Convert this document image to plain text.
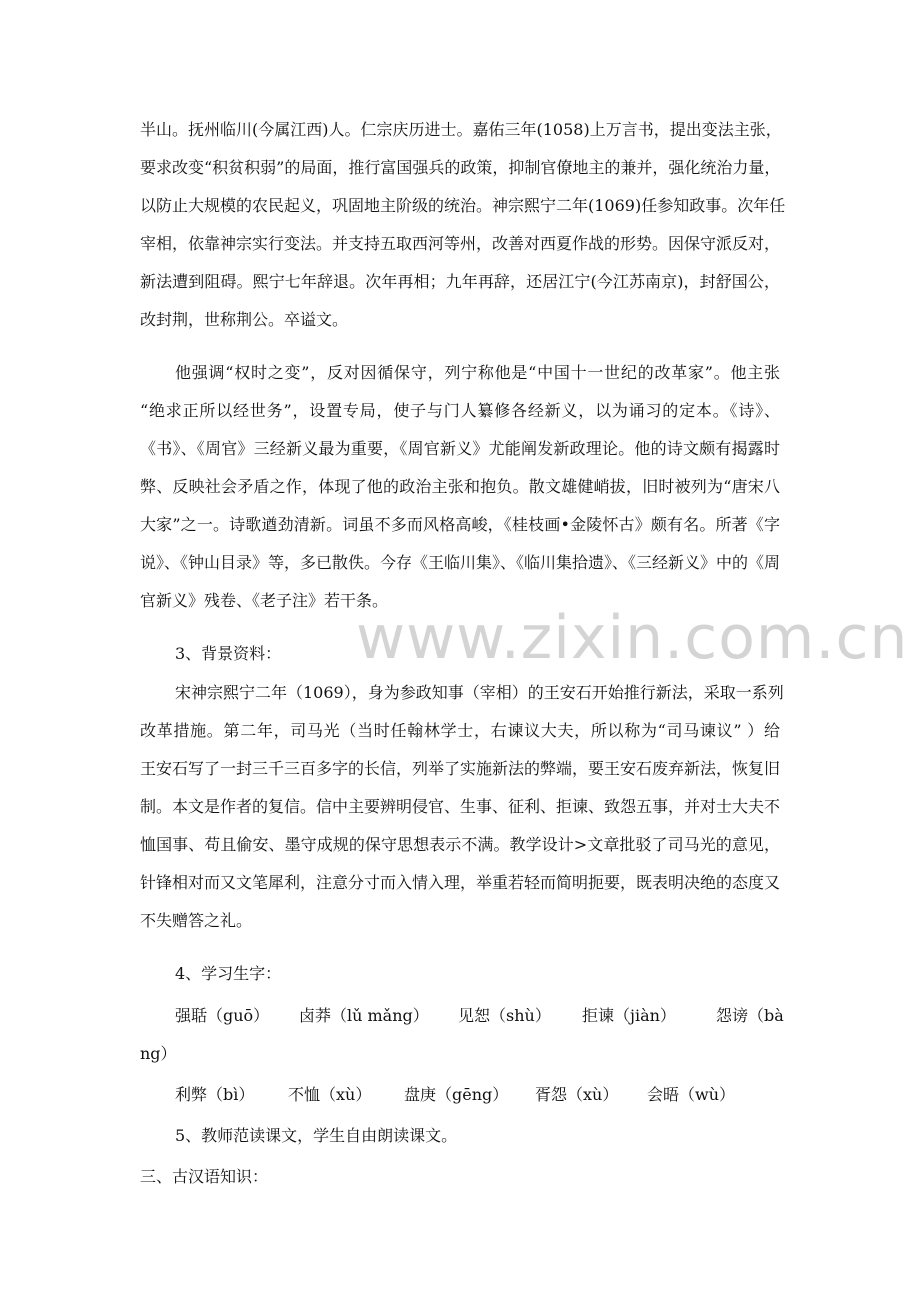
www.zixin.com.cn
半山。抚州临川(今属江西)人。仁宗庆历进士。嘉佑三年(1058)上万言书，提出变法主张，
要求改变“积贫积弱”的局面，推行富国强兵的政策，抑制官僚地主的兼并，强化统治力量，
以防止大规模的农民起义，巩固地主阶级的统治。神宗熙宁二年(1069)任参知政事。次年任
宰相，依靠神宗实行变法。并支持五取西河等州，改善对西夏作战的形势。因保守派反对，
新法遭到阻碍。熙宁七年辞退。次年再相；九年再辞，还居江宁(今江苏南京)，封舒国公，
改封荆，世称荆公。卒谥文。
他强调“权时之变”，反对因循保守，列宁称他是“中国十一世纪的改革家”。他主张
“绝求正所以经世务”，设置专局，使子与门人纂修各经新义，以为诵习的定本。《诗》、
《书》、《周官》三经新义最为重要，《周官新义》尤能阐发新政理论。他的诗文颇有揭露时
弊、反映社会矛盾之作，体现了他的政治主张和抱负。散文雄健峭拔，旧时被列为“唐宋八
大家”之一。诗歌遒劲清新。词虽不多而风格高峻，《桂枝画•金陵怀古》颇有名。所著《字
说》、《钟山目录》等，多已散佚。今存《王临川集》、《临川集拾遗》、《三经新义》中的《周
官新义》残卷、《老子注》若干条。
3、背景资料：
宋神宗熙宁二年（1069），身为参政知事（宰相）的王安石开始推行新法，采取一系列
改革措施。第二年，司马光（当时任翰林学士，右谏议大夫，所以称为“司马谏议” ）给
王安石写了一封三千三百多字的长信，列举了实施新法的弊端，要王安石废弃新法，恢复旧
制。本文是作者的复信。信中主要辨明侵官、生事、征利、拒谏、致怨五事，并对士大夫不
恤国事、苟且偷安、墨守成规的保守思想表示不满。教学设计>文章批驳了司马光的意见，
针锋相对而又文笔犀利，注意分寸而入情入理，举重若轻而简明扼要，既表明决绝的态度又
不失赠答之礼。
4、学习生字：
强聒（guō） 卤莽（lǔ mǎng） 见恕（shù） 拒谏（jiàn）	怨谤（bà
ng）
利弊（bì） 不恤（xù） 盘庚（gēng） 胥怨（xù） 会晤（wù）
5、教师范读课文，学生自由朗读课文。
三、古汉语知识：
